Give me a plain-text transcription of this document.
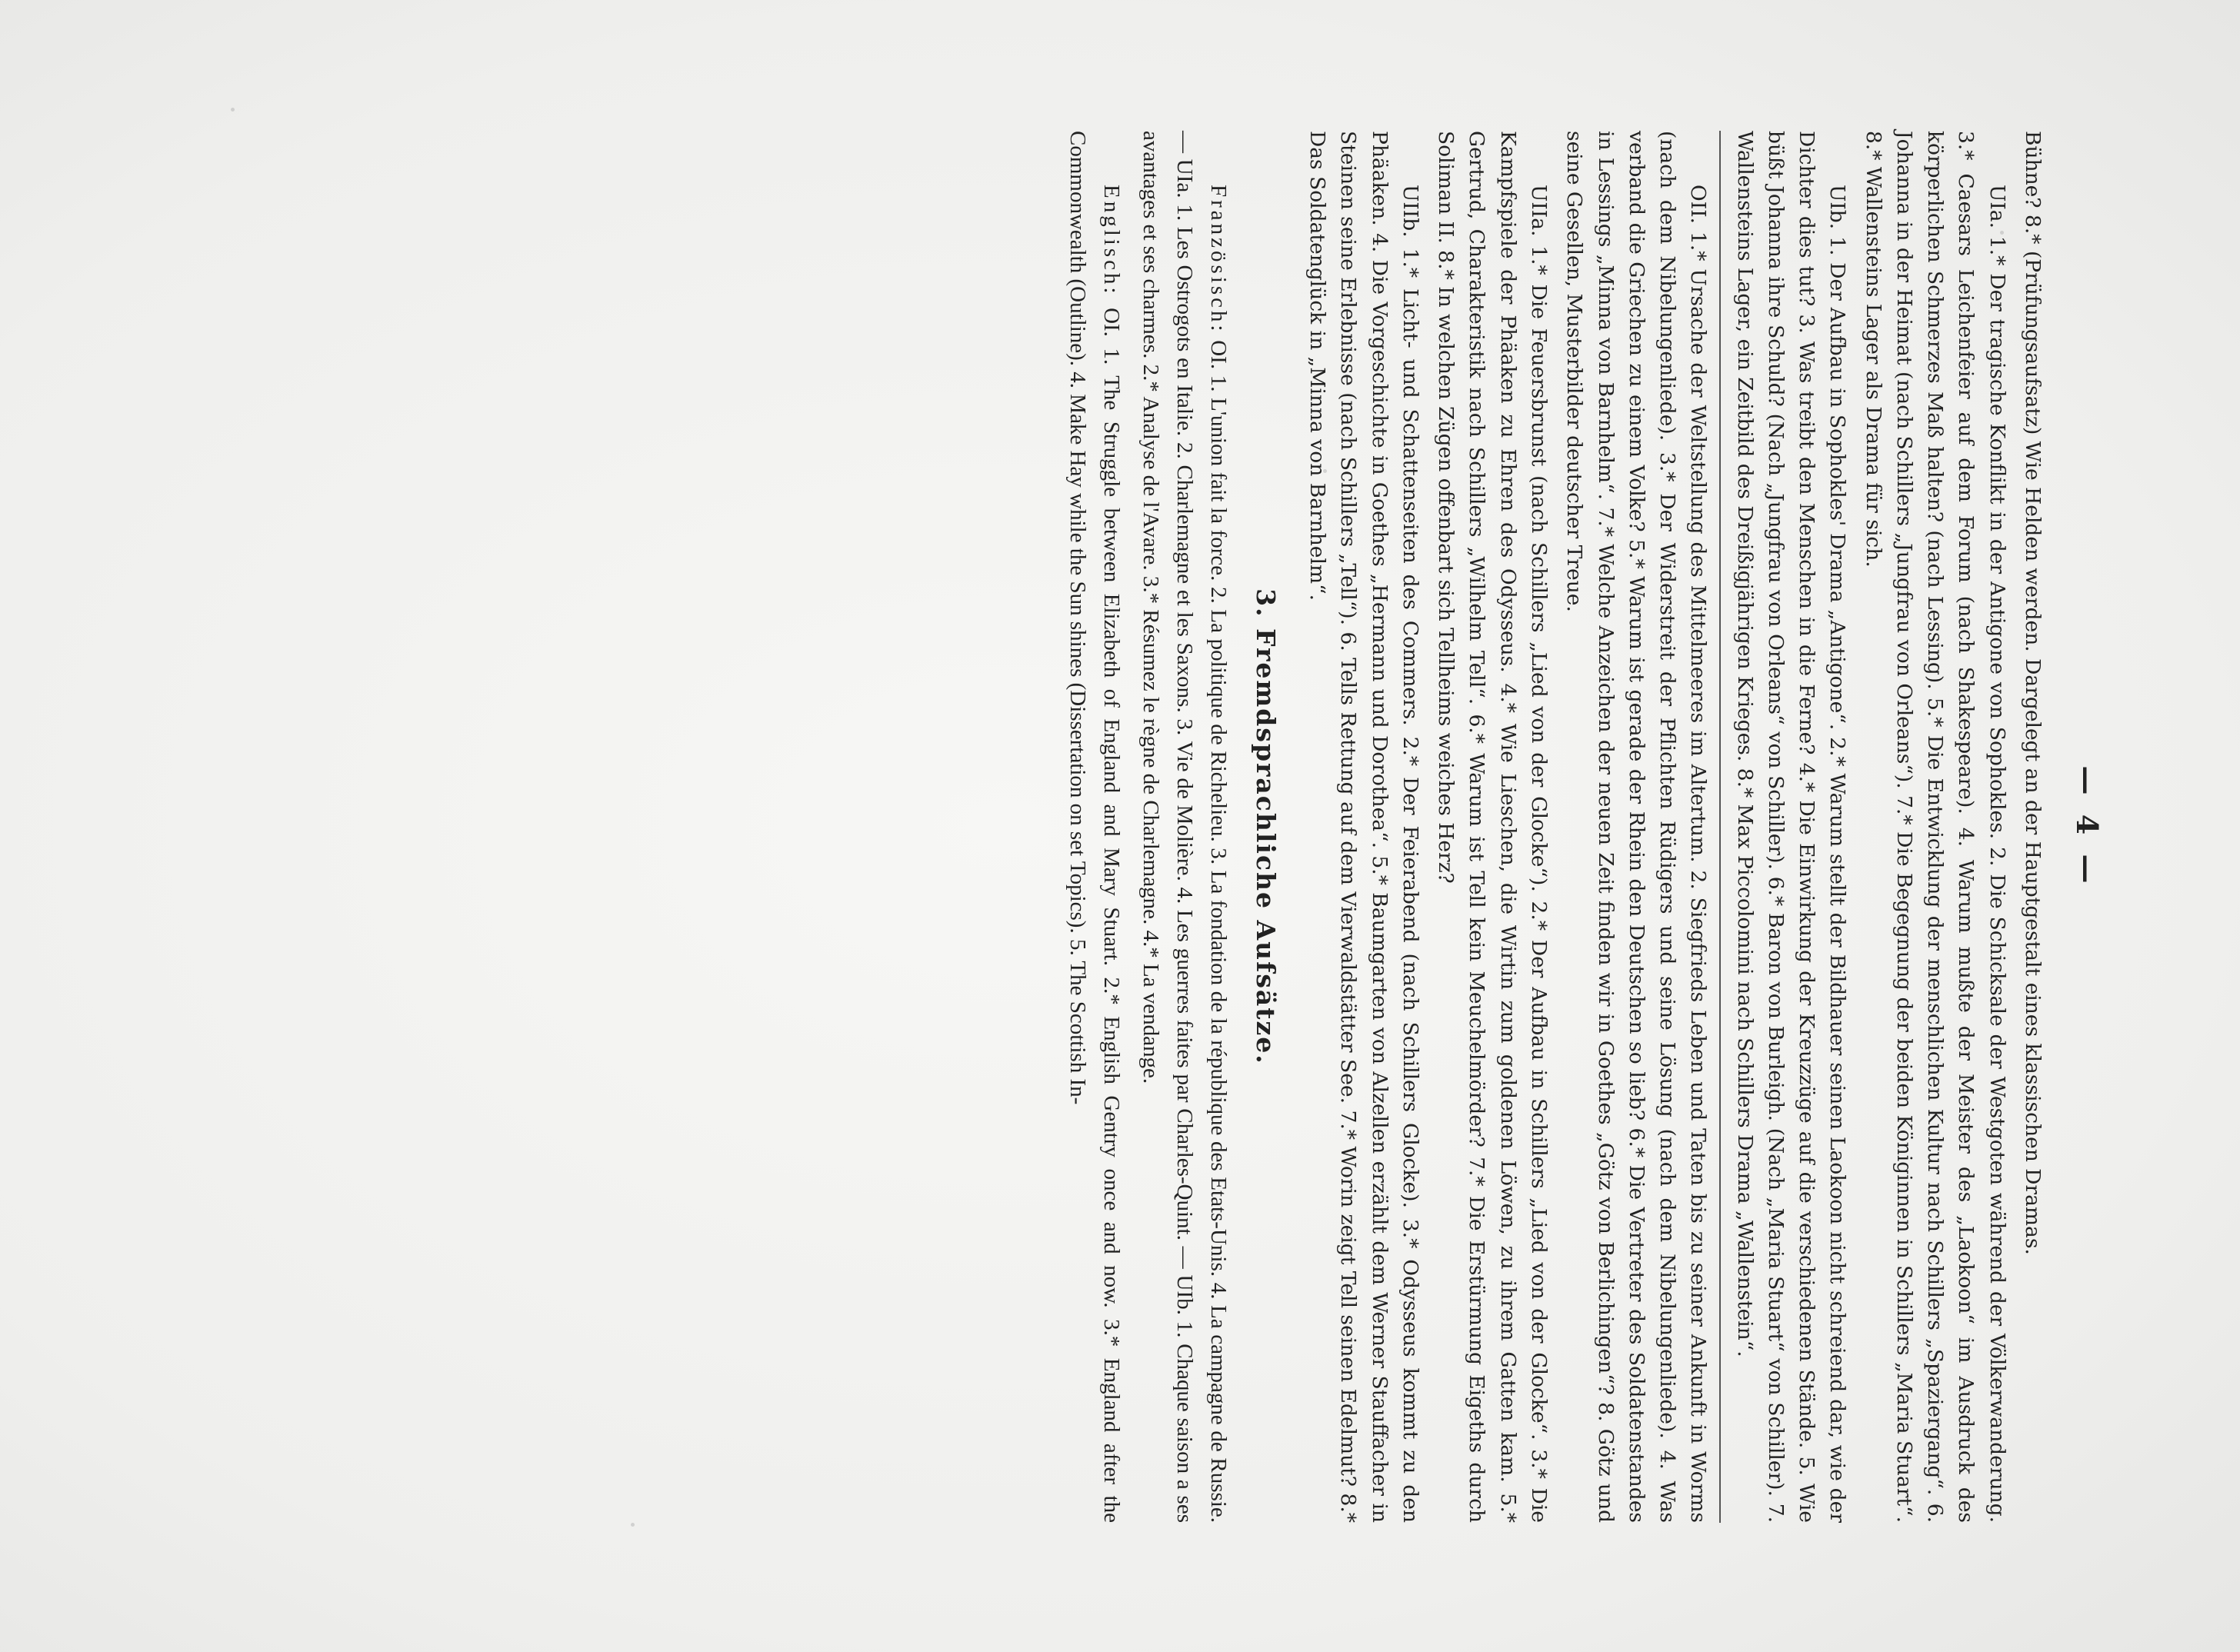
— 4 —

Bühne? 8.* (Prüfungsaufsatz) Wie Helden werden. Dargelegt an der Hauptgestalt eines klassischen Dramas.

UIa. 1.* Der tragische Konflikt in der Antigone von Sophokles. 2. Die Schicksale der Westgoten während der Völkerwanderung. 3.* Caesars Leichenfeier auf dem Forum (nach Shakespeare). 4. Warum mußte der Meister des „Laokoon“ im Ausdruck des körperlichen Schmerzes Maß halten? (nach Lessing). 5.* Die Entwicklung der menschlichen Kultur nach Schillers „Spaziergang“. 6. Johanna in der Heimat (nach Schillers „Jungfrau von Orleans“). 7.* Die Begegnung der beiden Königinnen in Schillers „Maria Stuart“. 8.* Wallensteins Lager als Drama für sich.

UIb. 1. Der Aufbau in Sophokles' Drama „Antigone“. 2.* Warum stellt der Bildhauer seinen Laokoon nicht schreiend dar, wie der Dichter dies tut? 3. Was treibt den Menschen in die Ferne? 4.* Die Einwirkung der Kreuzzüge auf die verschiedenen Stände. 5. Wie büßt Johanna ihre Schuld? (Nach „Jungfrau von Orleans“ von Schiller). 6.* Baron von Burleigh. (Nach „Maria Stuart“ von Schiller). 7. Wallensteins Lager, ein Zeitbild des Dreißigjährigen Krieges. 8.* Max Piccolomini nach Schillers Drama „Wallenstein“.

OII. 1.* Ursache der Weltstellung des Mittelmeeres im Altertum. 2. Siegfrieds Leben und Taten bis zu seiner Ankunft in Worms (nach dem Nibelungenliede). 3.* Der Widerstreit der Pflichten Rüdigers und seine Lösung (nach dem Nibelungenliede). 4. Was verband die Griechen zu einem Volke? 5.* Warum ist gerade der Rhein den Deutschen so lieb? 6.* Die Vertreter des Soldatenstandes in Lessings „Minna von Barnhelm“. 7.* Welche Anzeichen der neuen Zeit finden wir in Goethes „Götz von Berlichingen“? 8. Götz und seine Gesellen, Musterbilder deutscher Treue.

UIIa. 1.* Die Feuersbrunst (nach Schillers „Lied von der Glocke“). 2.* Der Aufbau in Schillers „Lied von der Glocke“. 3.* Die Kampfspiele der Phäaken zu Ehren des Odysseus. 4.* Wie Lieschen, die Wirtin zum goldenen Löwen, zu ihrem Gatten kam. 5.* Gertrud, Charakteristik nach Schillers „Wilhelm Tell“. 6.* Warum ist Tell kein Meuchelmörder? 7.* Die Erstürmung Eigeths durch Soliman II. 8.* In welchen Zügen offenbart sich Tellheims weiches Herz?

UIIb. 1.* Licht- und Schattenseiten des Commers. 2.* Der Feierabend (nach Schillers Glocke). 3.* Odysseus kommt zu den Phäaken. 4. Die Vorgeschichte in Goethes „Hermann und Dorothea“. 5.* Baumgarten von Alzellen erzählt dem Werner Stauffacher in Steinen seine Erlebnisse (nach Schillers „Tell“). 6. Tells Rettung auf dem Vierwaldstätter See. 7.* Worin zeigt Tell seinen Edelmut? 8.* Das Soldatenglück in „Minna von Barnhelm“.

3. Fremdsprachliche Aufsätze.

Französisch: OI. 1. L'union fait la force. 2. La politique de Richelieu. 3. La fondation de la république des Etats-Unis. 4. La campagne de Russie. — UIa. 1. Les Ostrogots en Italie. 2. Charlemagne et les Saxons. 3. Vie de Molière. 4. Les guerres faites par Charles-Quint. — UIb. 1. Chaque saison a ses avantages et ses charmes. 2.* Analyse de l'Avare. 3.* Résumez le règne de Charlemagne. 4.* La vendange.

Englisch: OI. 1. The Struggle between Elizabeth of England and Mary Stuart. 2.* English Gentry once and now. 3.* England after the Commonwealth (Outline). 4. Make Hay while the Sun shines (Dissertation on set Topics). 5. The Scottish In-
